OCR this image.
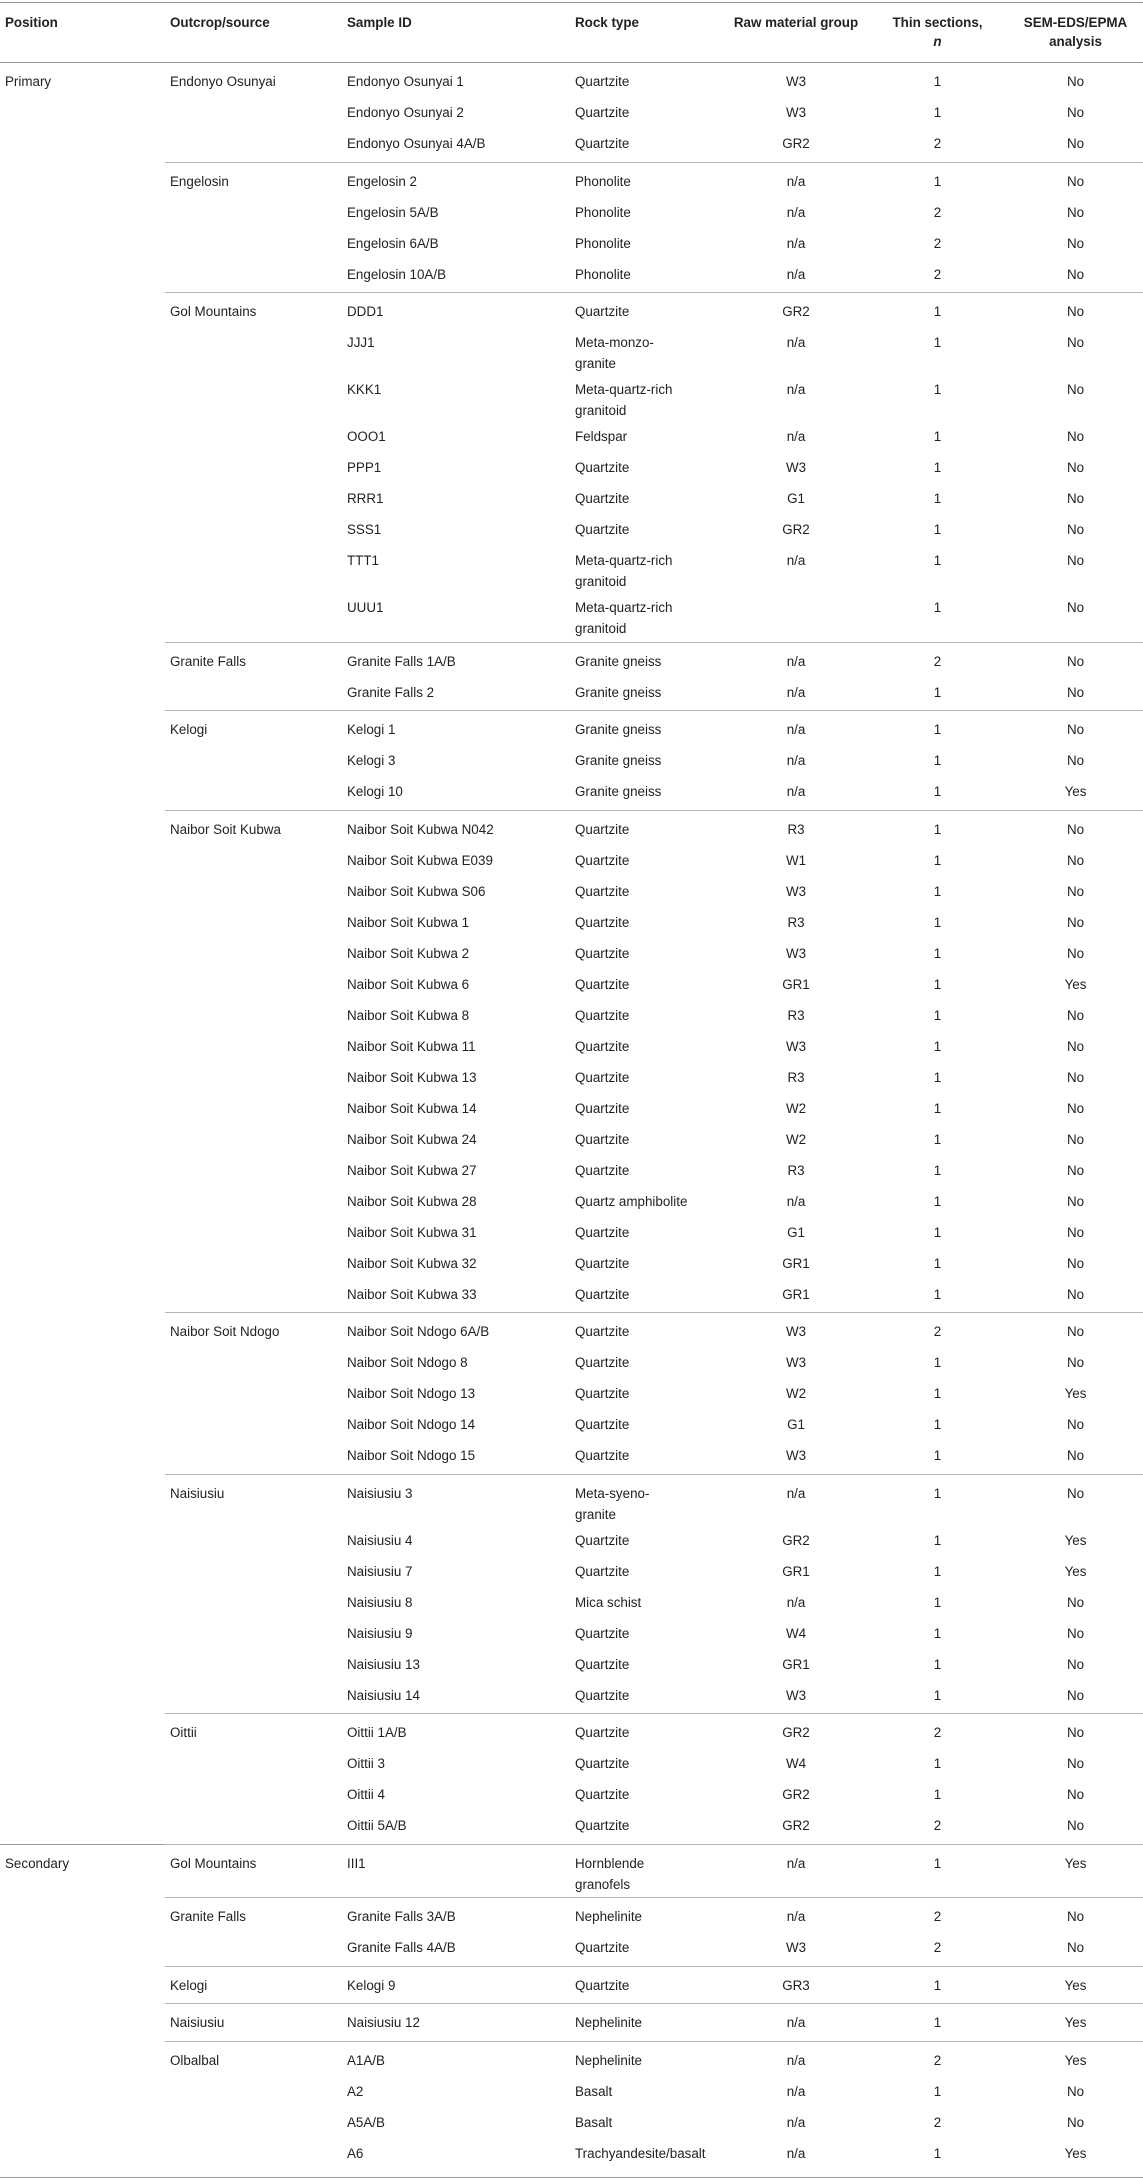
Position	Outcrop/source	Sample ID	Rock type	Raw material group	Thin sections,
n	SEM-EDS/EPMA
analysis
Primary	Endonyo Osunyai	Endonyo Osunyai 1	Quartzite	W3	1	No
		Endonyo Osunyai 2	Quartzite	W3	1	No
		Endonyo Osunyai 4A/B	Quartzite	GR2	2	No
	Engelosin	Engelosin 2	Phonolite	n/a	1	No
		Engelosin 5A/B	Phonolite	n/a	2	No
		Engelosin 6A/B	Phonolite	n/a	2	No
		Engelosin 10A/B	Phonolite	n/a	2	No
	Gol Mountains	DDD1	Quartzite	GR2	1	No
		JJJ1	Meta-monzo-
granite	n/a	1	No
		KKK1	Meta-quartz-rich
granitoid	n/a	1	No
		OOO1	Feldspar	n/a	1	No
		PPP1	Quartzite	W3	1	No
		RRR1	Quartzite	G1	1	No
		SSS1	Quartzite	GR2	1	No
		TTT1	Meta-quartz-rich
granitoid	n/a	1	No
		UUU1	Meta-quartz-rich
granitoid		1	No
	Granite Falls	Granite Falls 1A/B	Granite gneiss	n/a	2	No
		Granite Falls 2	Granite gneiss	n/a	1	No
	Kelogi	Kelogi 1	Granite gneiss	n/a	1	No
		Kelogi 3	Granite gneiss	n/a	1	No
		Kelogi 10	Granite gneiss	n/a	1	Yes
	Naibor Soit Kubwa	Naibor Soit Kubwa N042	Quartzite	R3	1	No
		Naibor Soit Kubwa E039	Quartzite	W1	1	No
		Naibor Soit Kubwa S06	Quartzite	W3	1	No
		Naibor Soit Kubwa 1	Quartzite	R3	1	No
		Naibor Soit Kubwa 2	Quartzite	W3	1	No
		Naibor Soit Kubwa 6	Quartzite	GR1	1	Yes
		Naibor Soit Kubwa 8	Quartzite	R3	1	No
		Naibor Soit Kubwa 11	Quartzite	W3	1	No
		Naibor Soit Kubwa 13	Quartzite	R3	1	No
		Naibor Soit Kubwa 14	Quartzite	W2	1	No
		Naibor Soit Kubwa 24	Quartzite	W2	1	No
		Naibor Soit Kubwa 27	Quartzite	R3	1	No
		Naibor Soit Kubwa 28	Quartz amphibolite	n/a	1	No
		Naibor Soit Kubwa 31	Quartzite	G1	1	No
		Naibor Soit Kubwa 32	Quartzite	GR1	1	No
		Naibor Soit Kubwa 33	Quartzite	GR1	1	No
	Naibor Soit Ndogo	Naibor Soit Ndogo 6A/B	Quartzite	W3	2	No
		Naibor Soit Ndogo 8	Quartzite	W3	1	No
		Naibor Soit Ndogo 13	Quartzite	W2	1	Yes
		Naibor Soit Ndogo 14	Quartzite	G1	1	No
		Naibor Soit Ndogo 15	Quartzite	W3	1	No
	Naisiusiu	Naisiusiu 3	Meta-syeno-
granite	n/a	1	No
		Naisiusiu 4	Quartzite	GR2	1	Yes
		Naisiusiu 7	Quartzite	GR1	1	Yes
		Naisiusiu 8	Mica schist	n/a	1	No
		Naisiusiu 9	Quartzite	W4	1	No
		Naisiusiu 13	Quartzite	GR1	1	No
		Naisiusiu 14	Quartzite	W3	1	No
	Oittii	Oittii 1A/B	Quartzite	GR2	2	No
		Oittii 3	Quartzite	W4	1	No
		Oittii 4	Quartzite	GR2	1	No
		Oittii 5A/B	Quartzite	GR2	2	No
Secondary	Gol Mountains	III1	Hornblende
granofels	n/a	1	Yes
	Granite Falls	Granite Falls 3A/B	Nephelinite	n/a	2	No
		Granite Falls 4A/B	Quartzite	W3	2	No
	Kelogi	Kelogi 9	Quartzite	GR3	1	Yes
	Naisiusiu	Naisiusiu 12	Nephelinite	n/a	1	Yes
	Olbalbal	A1A/B	Nephelinite	n/a	2	Yes
		A2	Basalt	n/a	1	No
		A5A/B	Basalt	n/a	2	No
		A6	Trachyandesite/basalt	n/a	1	Yes
